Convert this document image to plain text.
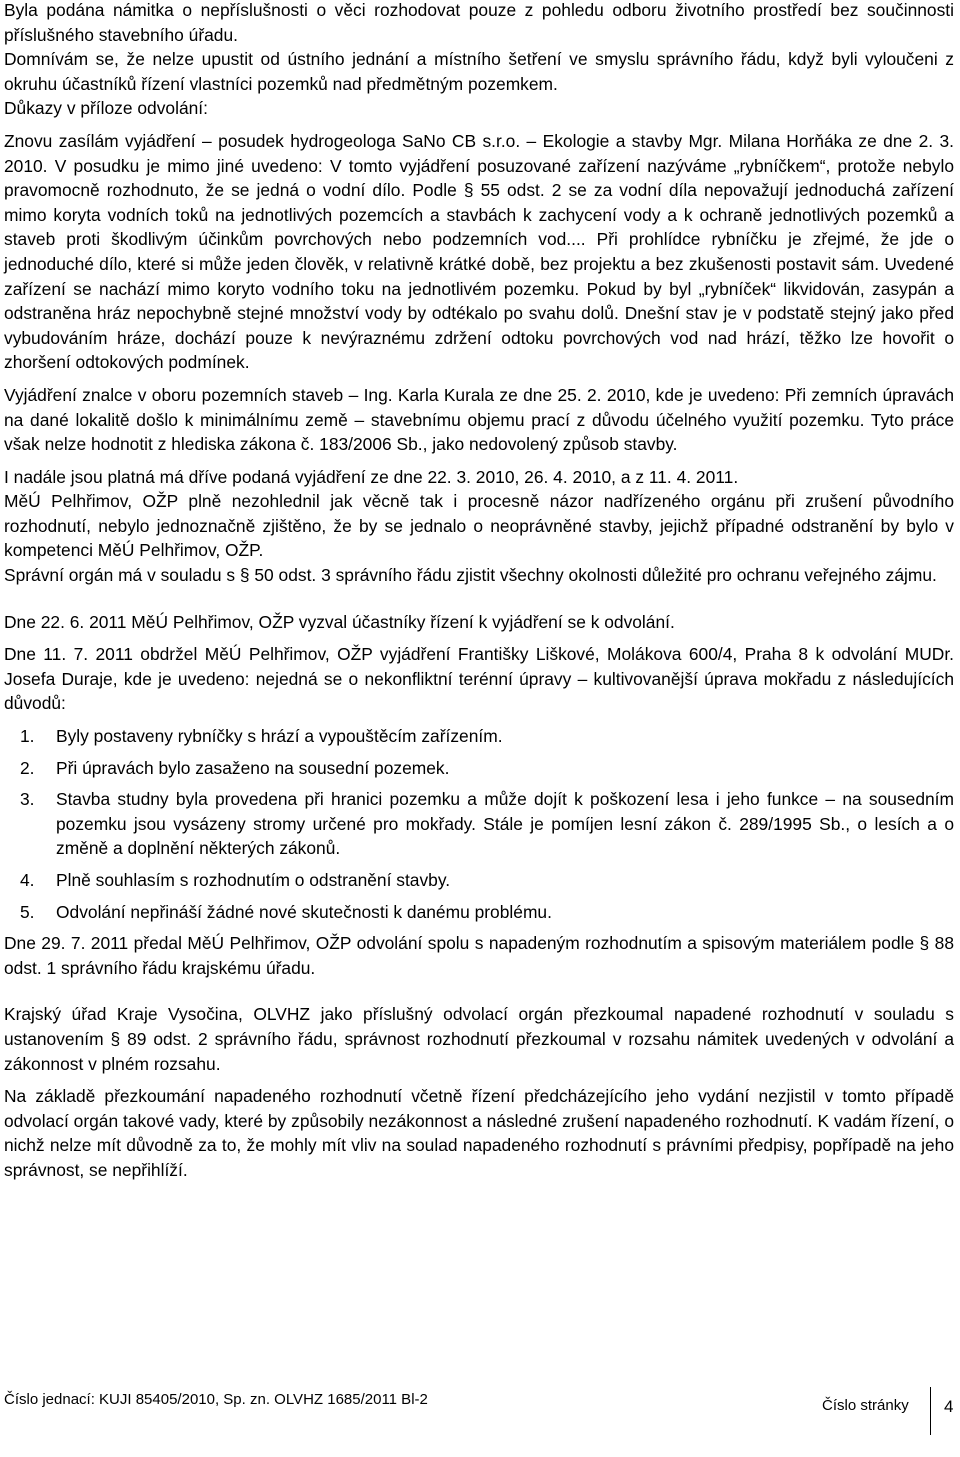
Byla podána námitka o nepříslušnosti o věci rozhodovat pouze z pohledu odboru životního prostředí bez součinnosti příslušného stavebního úřadu.

Domnívám se, že nelze upustit od ústního jednání a místního šetření ve smyslu správního řádu, když byli vyloučeni z okruhu účastníků řízení vlastníci pozemků nad předmětným pozemkem.

Důkazy v příloze odvolání:

Znovu zasílám vyjádření – posudek hydrogeologa SaNo CB s.r.o. – Ekologie a stavby Mgr. Milana Horňáka ze dne 2. 3. 2010. V posudku je mimo jiné uvedeno: V tomto vyjádření posuzované zařízení nazýváme „rybníčkem“, protože nebylo pravomocně rozhodnuto, že se jedná o vodní dílo. Podle § 55 odst. 2 se za vodní díla nepovažují jednoduchá zařízení mimo koryta vodních toků na jednotlivých pozemcích a stavbách k zachycení vody a k ochraně jednotlivých pozemků a staveb proti škodlivým účinkům povrchových nebo podzemních vod.... Při prohlídce rybníčku je zřejmé, že jde o jednoduché dílo, které si může jeden člověk, v relativně krátké době, bez projektu a bez zkušenosti postavit sám. Uvedené zařízení se nachází mimo koryto vodního toku na jednotlivém pozemku. Pokud by byl „rybníček“ likvidován, zasypán a odstraněna hráz nepochybně stejné množství vody by odtékalo po svahu dolů. Dnešní stav je v podstatě stejný jako před vybudováním hráze, dochází pouze k nevýraznému zdržení odtoku povrchových vod nad hrází, těžko lze hovořit o zhoršení odtokových podmínek.

Vyjádření znalce v oboru pozemních staveb – Ing. Karla Kurala ze dne 25. 2. 2010, kde je uvedeno: Při zemních úpravách na dané lokalitě došlo k minimálnímu země – stavebnímu objemu prací z důvodu účelného využití pozemku. Tyto práce však nelze hodnotit z hlediska zákona č. 183/2006 Sb., jako nedovolený způsob stavby.

I nadále jsou platná má dříve podaná vyjádření ze dne 22. 3. 2010, 26. 4. 2010, a z 11. 4. 2011.

MěÚ Pelhřimov, OŽP plně nezohlednil jak věcně tak i procesně názor nadřízeného orgánu při zrušení původního rozhodnutí, nebylo jednoznačně zjištěno, že by se jednalo o neoprávněné stavby, jejichž případné odstranění by bylo v kompetenci MěÚ Pelhřimov, OŽP.

Správní orgán má v souladu s § 50 odst. 3 správního řádu zjistit všechny okolnosti důležité pro ochranu veřejného zájmu.

Dne 22. 6. 2011 MěÚ Pelhřimov, OŽP vyzval účastníky řízení k vyjádření se k odvolání.

Dne 11. 7. 2011 obdržel MěÚ Pelhřimov, OŽP vyjádření Františky Liškové, Molákova 600/4, Praha 8 k odvolání MUDr. Josefa Duraje, kde je uvedeno: nejedná se o nekonfliktní terénní úpravy – kultivovanější úprava mokřadu z následujících důvodů:

1. Byly postaveny rybníčky s hrází a vypouštěcím zařízením.
2. Při úpravách bylo zasaženo na sousední pozemek.
3. Stavba studny byla provedena při hranici pozemku a může dojít k poškození lesa i jeho funkce – na sousedním pozemku jsou vysázeny stromy určené pro mokřady. Stále je pomíjen lesní zákon č. 289/1995 Sb., o lesích a o změně a doplnění některých zákonů.
4. Plně souhlasím s rozhodnutím o odstranění stavby.
5. Odvolání nepřináší žádné nové skutečnosti k danému problému.

Dne 29. 7. 2011 předal MěÚ Pelhřimov, OŽP odvolání spolu s napadeným rozhodnutím a spisovým materiálem podle § 88 odst. 1 správního řádu krajskému úřadu.

Krajský úřad Kraje Vysočina, OLVHZ jako příslušný odvolací orgán přezkoumal napadené rozhodnutí v souladu s ustanovením § 89 odst. 2 správního řádu, správnost rozhodnutí přezkoumal v rozsahu námitek uvedených v odvolání a zákonnost v plném rozsahu.

Na základě přezkoumání napadeného rozhodnutí včetně řízení předcházejícího jeho vydání nezjistil v tomto případě odvolací orgán takové vady, které by způsobily nezákonnost a následné zrušení napadeného rozhodnutí. K vadám řízení, o nichž nelze mít důvodně za to, že mohly mít vliv na soulad napadeného rozhodnutí s právními předpisy, popřípadě na jeho správnost, se nepřihlíží.

Číslo jednací: KUJI 85405/2010, Sp. zn. OLVHZ 1685/2011 Bl-2	Číslo stránky 4
